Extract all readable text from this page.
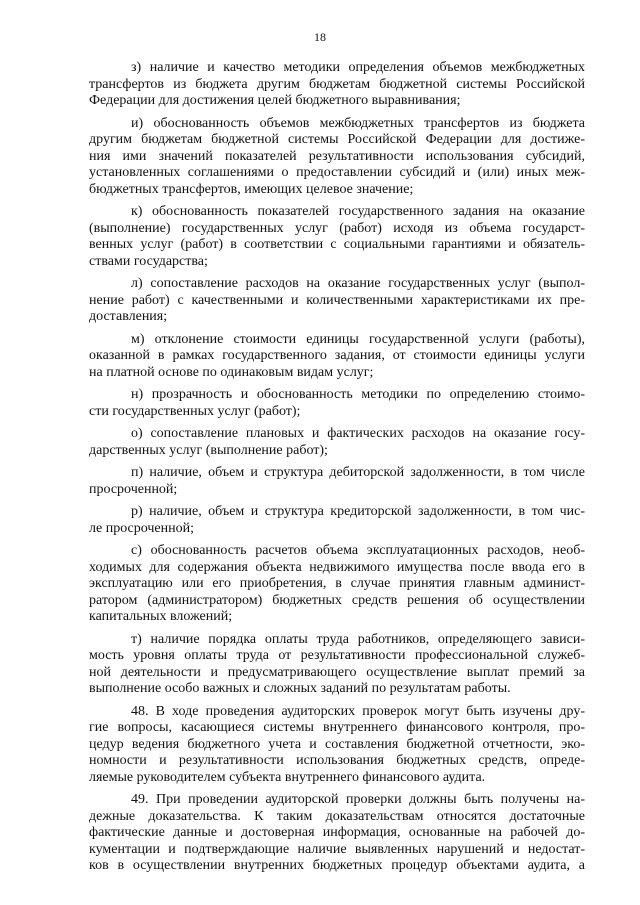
18
з) наличие и качество методики определения объемов межбюджетных
трансфертов из бюджета другим бюджетам бюджетной системы Российской
Федерации для достижения целей бюджетного выравнивания;
и) обоснованность объемов межбюджетных трансфертов из бюджета
другим бюджетам бюджетной системы Российской Федерации для достиже-
ния ими значений показателей результативности использования субсидий,
установленных соглашениями о предоставлении субсидий и (или) иных меж-
бюджетных трансфертов, имеющих целевое значение;
к) обоснованность показателей государственного задания на оказание
(выполнение) государственных услуг (работ) исходя из объема государст-
венных услуг (работ) в соответствии с социальными гарантиями и обязатель-
ствами государства;
л) сопоставление расходов на оказание государственных услуг (выпол-
нение работ) с качественными и количественными характеристиками их пре-
доставления;
м) отклонение стоимости единицы государственной услуги (работы),
оказанной в рамках государственного задания, от стоимости единицы услуги
на платной основе по одинаковым видам услуг;
н) прозрачность и обоснованность методики по определению стоимо-
сти государственных услуг (работ);
о) сопоставление плановых и фактических расходов на оказание госу-
дарственных услуг (выполнение работ);
п) наличие, объем и структура дебиторской задолженности, в том числе
просроченной;
р) наличие, объем и структура кредиторской задолженности, в том чис-
ле просроченной;
с) обоснованность расчетов объема эксплуатационных расходов, необ-
ходимых для содержания объекта недвижимого имущества после ввода его в
эксплуатацию или его приобретения, в случае принятия главным админист-
ратором (администратором) бюджетных средств решения об осуществлении
капитальных вложений;
т) наличие порядка оплаты труда работников, определяющего зависи-
мость уровня оплаты труда от результативности профессиональной служеб-
ной деятельности и предусматривающего осуществление выплат премий за
выполнение особо важных и сложных заданий по результатам работы.
48. В ходе проведения аудиторских проверок могут быть изучены дру-
гие вопросы, касающиеся системы внутреннего финансового контроля, про-
цедур ведения бюджетного учета и составления бюджетной отчетности, эко-
номности и результативности использования бюджетных средств, опреде-
ляемые руководителем субъекта внутреннего финансового аудита.
49. При проведении аудиторской проверки должны быть получены на-
дежные доказательства. К таким доказательствам относятся достаточные
фактические данные и достоверная информация, основанные на рабочей до-
кументации и подтверждающие наличие выявленных нарушений и недостат-
ков в осуществлении внутренних бюджетных процедур объектами аудита, а
